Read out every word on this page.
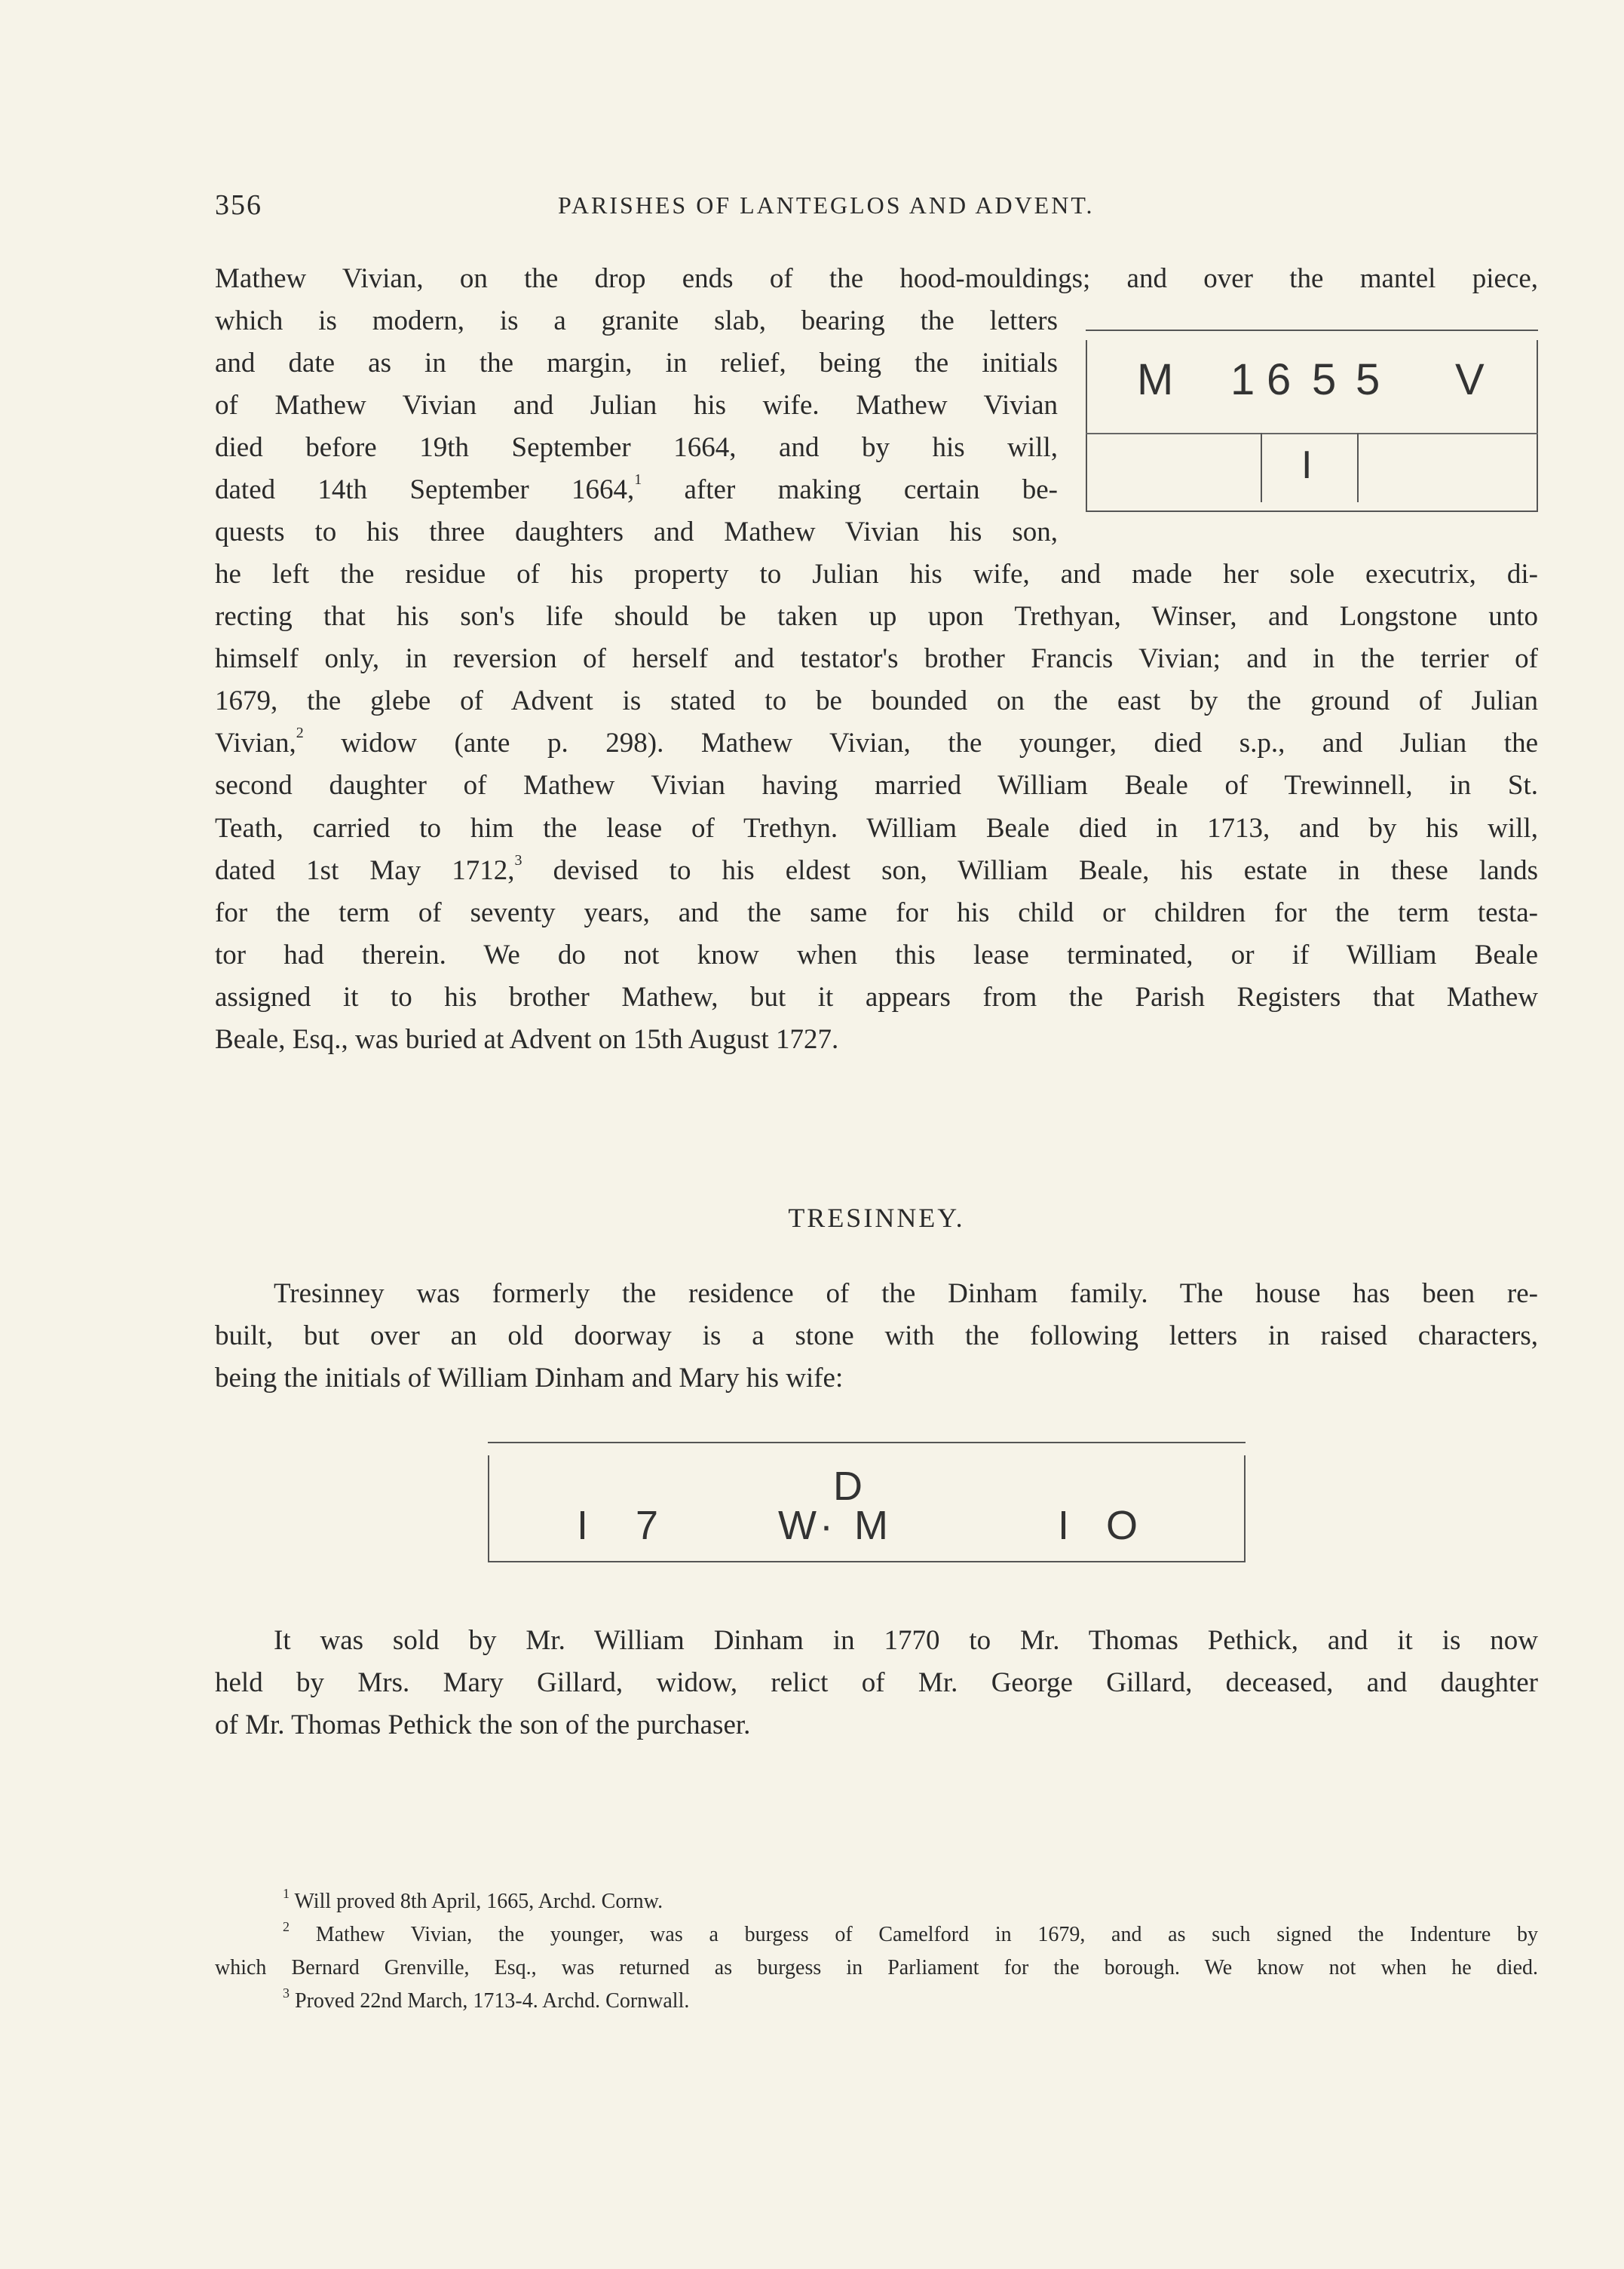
356	PARISHES OF LANTEGLOS AND ADVENT.
Mathew Vivian, on the drop ends of the hood-mouldings; and over the mantel piece,
which is modern, is a granite slab, bearing the letters
and date as in the margin, in relief, being the initials
of Mathew Vivian and Julian his wife. Mathew Vivian
died before 19th September 1664, and by his will,
dated 14th September 1664,$^1$ after making certain be-
quests to his three daughters and Mathew Vivian his son,
M 1 6 5 5 V
I
he left the residue of his property to Julian his wife, and made her sole executrix, di-
recting that his son's life should be taken up upon Trethyan, Winser, and Longstone unto
himself only, in reversion of herself and testator's brother Francis Vivian; and in the terrier of
1679, the glebe of Advent is stated to be bounded on the east by the ground of Julian
Vivian,$^2$ widow (ante p. 298). Mathew Vivian, the younger, died s.p., and Julian the
second daughter of Mathew Vivian having married William Beale of Trewinnell, in St.
Teath, carried to him the lease of Trethyn. William Beale died in 1713, and by his will,
dated 1st May 1712,$^3$ devised to his eldest son, William Beale, his estate in these lands
for the term of seventy years, and the same for his child or children for the term testa-
tor had therein. We do not know when this lease terminated, or if William Beale
assigned it to his brother Mathew, but it appears from the Parish Registers that Mathew
Beale, Esq., was buried at Advent on 15th August 1727.
TRESINNEY.
Tresinney was formerly the residence of the Dinham family. The house has been re-
built, but over an old doorway is a stone with the following letters in raised characters,
being the initials of William Dinham and Mary his wife:
I 7
D
W · M	I O
It was sold by Mr. William Dinham in 1770 to Mr. Thomas Pethick, and it is now
held by Mrs. Mary Gillard, widow, relict of Mr. George Gillard, deceased, and daughter
of Mr. Thomas Pethick the son of the purchaser.
$^1$ Will proved 8th April, 1665, Archd. Cornw.
$^2$ Mathew Vivian, the younger, was a burgess of Camelford in 1679, and as such signed the Indenture by
which Bernard Grenville, Esq., was returned as burgess in Parliament for the borough. We know not when he died.
$^3$ Proved 22nd March, 1713-4. Archd. Cornwall.
